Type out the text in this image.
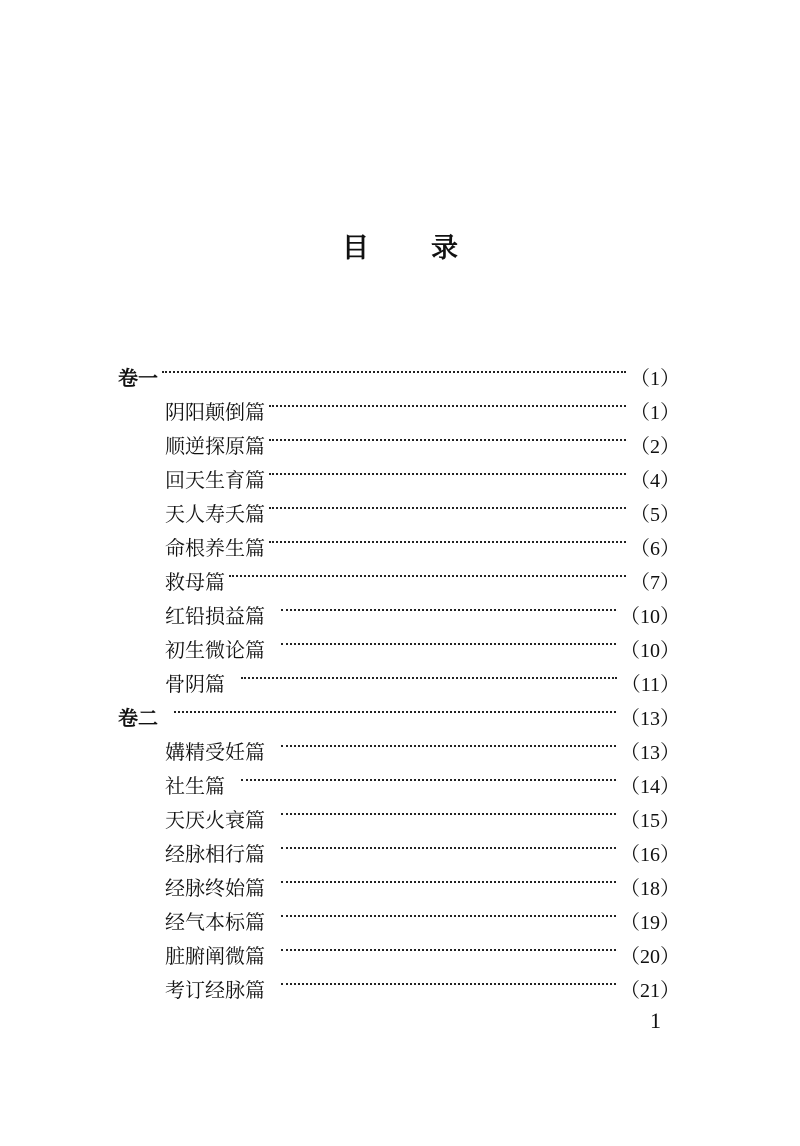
目 录
卷一	（1）
阴阳颠倒篇	（1）
顺逆探原篇	（2）
回天生育篇	（4）
天人寿夭篇	（5）
命根养生篇	（6）
救母篇	（7）
红铅损益篇	（10）
初生微论篇	（10）
骨阴篇	（11）
卷二	（13）
媾精受妊篇	（13）
社生篇	（14）
天厌火衰篇	（15）
经脉相行篇	（16）
经脉终始篇	（18）
经气本标篇	（19）
脏腑阐微篇	（20）
考订经脉篇	（21）
1
